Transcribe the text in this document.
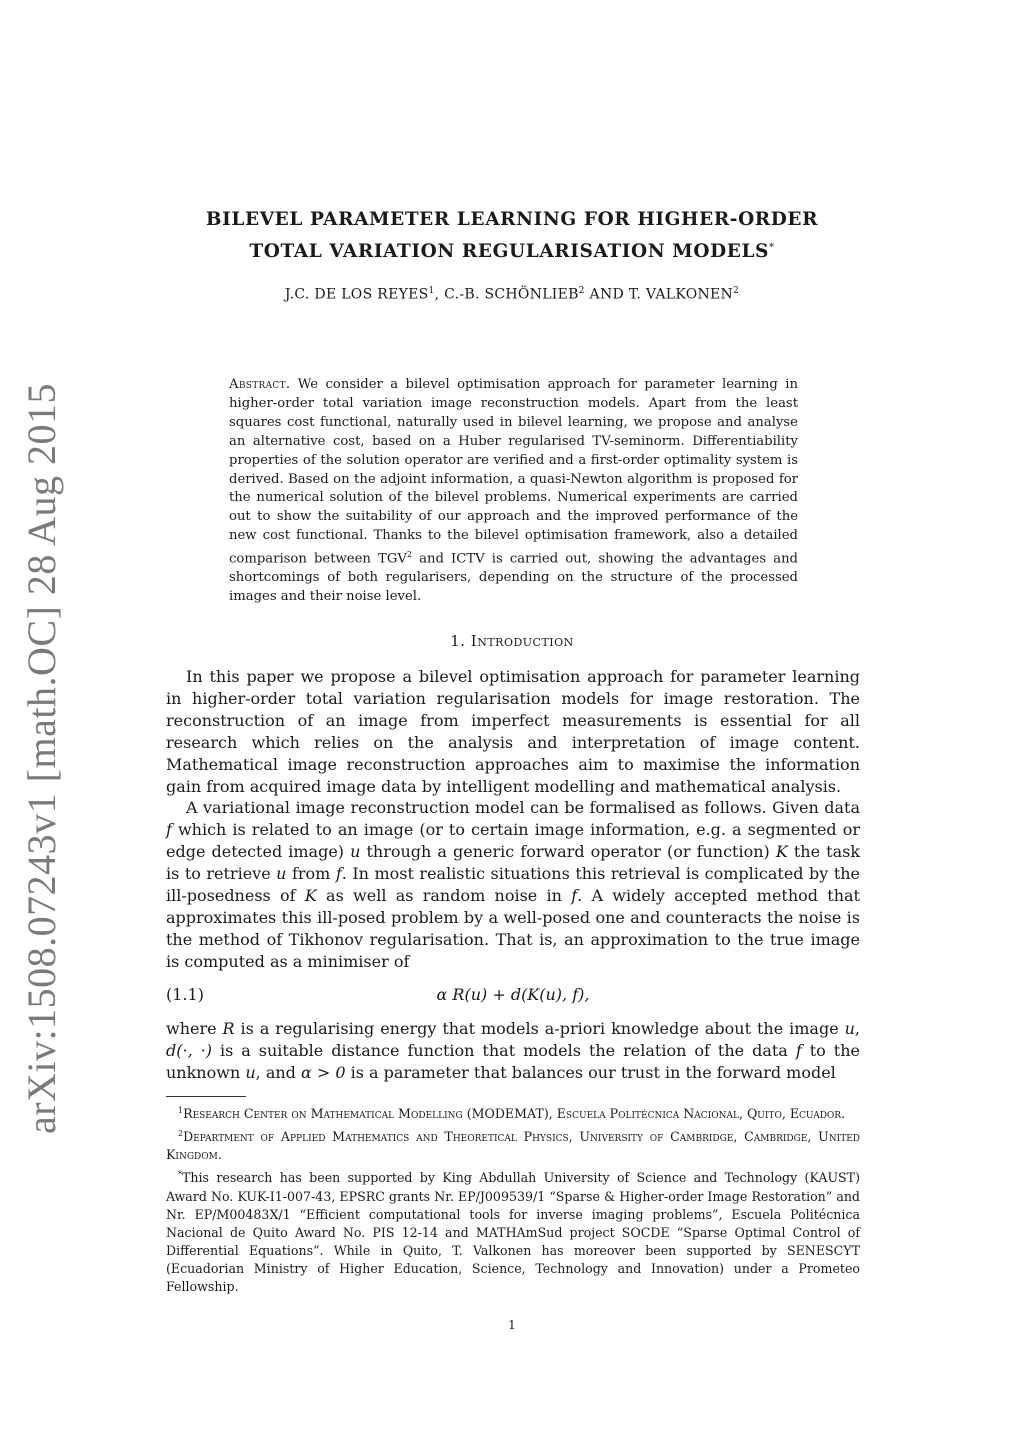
arXiv:1508.07243v1 [math.OC] 28 Aug 2015
BILEVEL PARAMETER LEARNING FOR HIGHER-ORDER
TOTAL VARIATION REGULARISATION MODELS*
J.C. DE LOS REYES$^1$, C.-B. SCHÖNLIEB$^2$ AND T. VALKONEN$^2$
Abstract. We consider a bilevel optimisation approach for parameter learning in higher-order total variation image reconstruction models. Apart from the least squares cost functional, naturally used in bilevel learning, we propose and analyse an alternative cost, based on a Huber regularised TV-seminorm. Differentiability properties of the solution operator are verified and a first-order optimality system is derived. Based on the adjoint information, a quasi-Newton algorithm is proposed for the numerical solution of the bilevel problems. Numerical experiments are carried out to show the suitability of our approach and the improved performance of the new cost functional. Thanks to the bilevel optimisation framework, also a detailed comparison between TGV$^2$ and ICTV is carried out, showing the advantages and shortcomings of both regularisers, depending on the structure of the processed images and their noise level.
1. Introduction
In this paper we propose a bilevel optimisation approach for parameter learning in higher-order total variation regularisation models for image restoration. The reconstruction of an image from imperfect measurements is essential for all research which relies on the analysis and interpretation of image content. Mathematical image reconstruction approaches aim to maximise the information gain from acquired image data by intelligent modelling and mathematical analysis.
A variational image reconstruction model can be formalised as follows. Given data f which is related to an image (or to certain image information, e.g. a segmented or edge detected image) u through a generic forward operator (or function) K the task is to retrieve u from f. In most realistic situations this retrieval is complicated by the ill-posedness of K as well as random noise in f. A widely accepted method that approximates this ill-posed problem by a well-posed one and counteracts the noise is the method of Tikhonov regularisation. That is, an approximation to the true image is computed as a minimiser of
(1.1)	α R(u) + d(K(u), f),
where R is a regularising energy that models a-priori knowledge about the image u, d(·, ·) is a suitable distance function that models the relation of the data f to the unknown u, and α > 0 is a parameter that balances our trust in the forward model

$^1$Research Center on Mathematical Modelling (MODEMAT), Escuela Politécnica Nacional, Quito, Ecuador.

$^2$Department of Applied Mathematics and Theoretical Physics, University of Cambridge, Cambridge, United Kingdom.

*This research has been supported by King Abdullah University of Science and Technology (KAUST) Award No. KUK-I1-007-43, EPSRC grants Nr. EP/J009539/1 “Sparse & Higher-order Image Restoration” and Nr. EP/M00483X/1 “Efficient computational tools for inverse imaging problems”, Escuela Politécnica Nacional de Quito Award No. PIS 12-14 and MATHAmSud project SOCDE “Sparse Optimal Control of Differential Equations”. While in Quito, T. Valkonen has moreover been supported by SENESCYT (Ecuadorian Ministry of Higher Education, Science, Technology and Innovation) under a Prometeo Fellowship.

1
